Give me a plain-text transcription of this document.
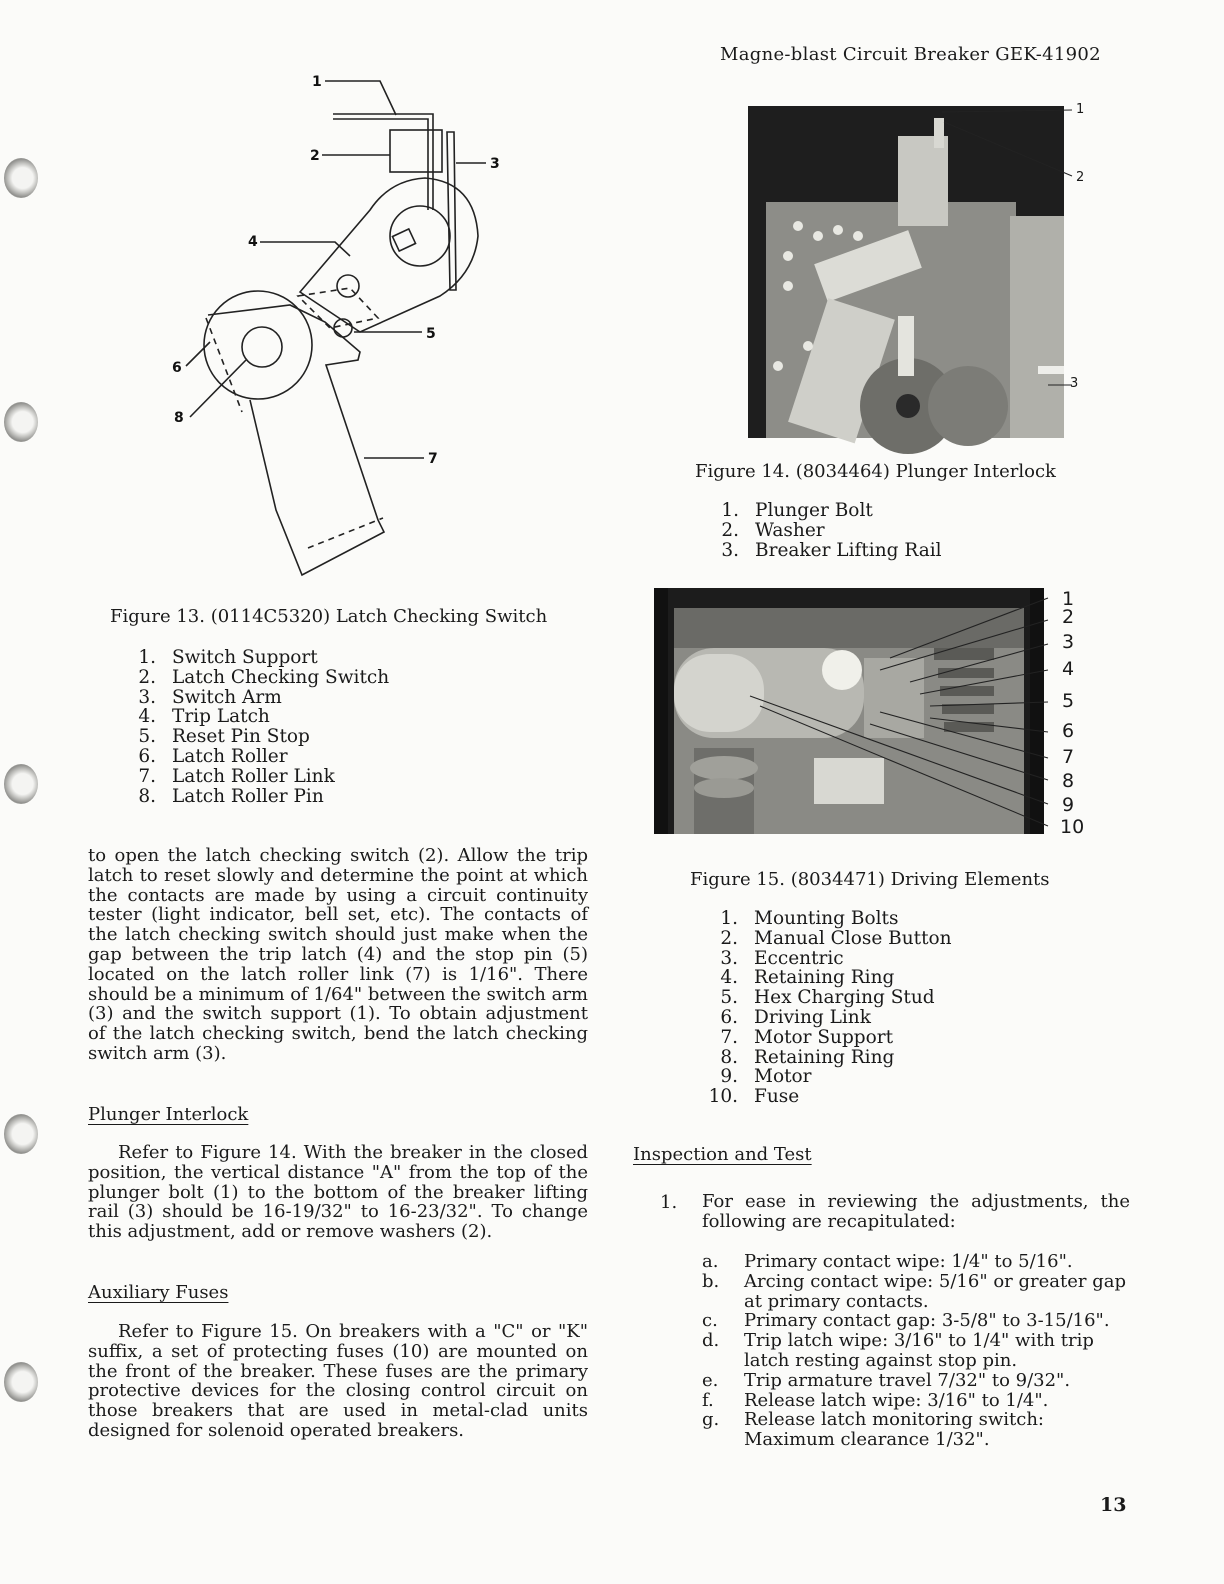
Magne-blast Circuit Breaker GEK-41902
1
2	3
4
5
6
7
8
Figure 13. (0114C5320) Latch Checking Switch
1. Switch Support
2. Latch Checking Switch
3. Switch Arm
4. Trip Latch
5. Reset Pin Stop
6. Latch Roller
7. Latch Roller Link
8. Latch Roller Pin

to open the latch checking switch (2). Allow the trip latch to reset slowly and determine the point at which the contacts are made by using a circuit continuity tester (light indicator, bell set, etc). The contacts of the latch checking switch should just make when the gap between the trip latch (4) and the stop pin (5) located on the latch roller link (7) is 1/16". There should be a minimum of 1/64" between the switch arm (3) and the switch support (1). To obtain adjustment of the latch checking switch, bend the latch checking switch arm (3).

Plunger Interlock

Refer to Figure 14. With the breaker in the closed position, the vertical distance "A" from the top of the plunger bolt (1) to the bottom of the breaker lifting rail (3) should be 16-19/32" to 16-23/32". To change this adjustment, add or remove washers (2).

Auxiliary Fuses

Refer to Figure 15. On breakers with a "C" or "K" suffix, a set of protecting fuses (10) are mounted on the front of the breaker. These fuses are the primary protective devices for the closing control circuit on those breakers that are used in metal-clad units designed for solenoid operated breakers.

1
2
3
Figure 14. (8034464) Plunger Interlock
1. Plunger Bolt
2. Washer
3. Breaker Lifting Rail
1
2
3
4
5
6
7
8
9
10
Figure 15. (8034471) Driving Elements
1. Mounting Bolts
2. Manual Close Button
3. Eccentric
4. Retaining Ring
5. Hex Charging Stud
6. Driving Link
7. Motor Support
8. Retaining Ring
9. Motor
10. Fuse
Inspection and Test
1. For ease in reviewing the adjustments, the following are recapitulated:

a.	Primary contact wipe: 1/4" to 5/16".
b.	Arcing contact wipe: 5/16" or greater gap at primary contacts.
c.	Primary contact gap: 3-5/8" to 3-15/16".
d.	Trip latch wipe: 3/16" to 1/4" with trip latch resting against stop pin.
e.	Trip armature travel 7/32" to 9/32".
f.	Release latch wipe: 3/16" to 1/4".
g.	Release latch monitoring switch: Maximum clearance 1/32".
13
